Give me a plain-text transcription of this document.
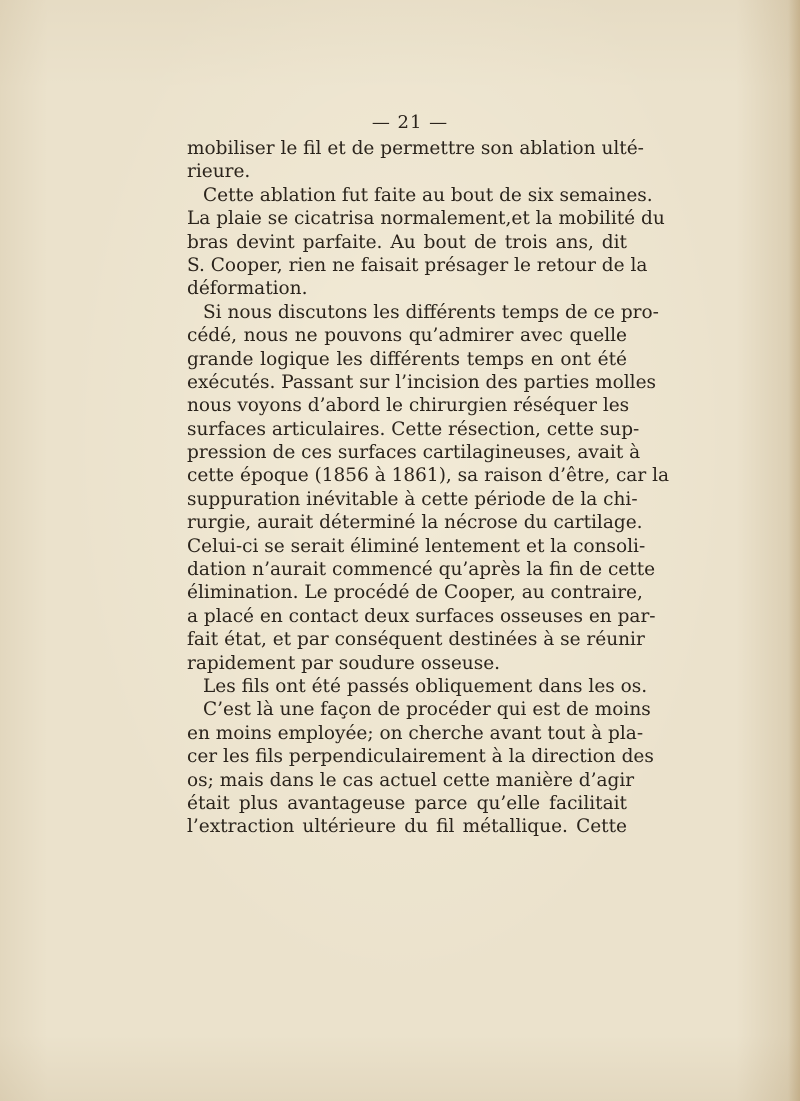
— 21 —
mobiliser le fil et de permettre son ablation ulté-
rieure.
Cette ablation fut faite au bout de six semaines.
La plaie se cicatrisa normalement,et la mobilité du
bras devint parfaite. Au bout de trois ans, dit
S. Cooper, rien ne faisait présager le retour de la
déformation.
Si nous discutons les différents temps de ce pro-
cédé, nous ne pouvons qu’admirer avec quelle
grande logique les différents temps en ont été
exécutés. Passant sur l’incision des parties molles
nous voyons d’abord le chirurgien réséquer les
surfaces articulaires. Cette résection, cette sup-
pression de ces surfaces cartilagineuses, avait à
cette époque (1856 à 1861), sa raison d’être, car la
suppuration inévitable à cette période de la chi-
rurgie, aurait déterminé la nécrose du cartilage.
Celui-ci se serait éliminé lentement et la consoli-
dation n’aurait commencé qu’après la fin de cette
élimination. Le procédé de Cooper, au contraire,
a placé en contact deux surfaces osseuses en par-
fait état, et par conséquent destinées à se réunir
rapidement par soudure osseuse.
Les fils ont été passés obliquement dans les os.
C’est là une façon de procéder qui est de moins
en moins employée; on cherche avant tout à pla-
cer les fils perpendiculairement à la direction des
os; mais dans le cas actuel cette manière d’agir
était plus avantageuse parce qu’elle facilitait
l’extraction ultérieure du fil métallique. Cette
